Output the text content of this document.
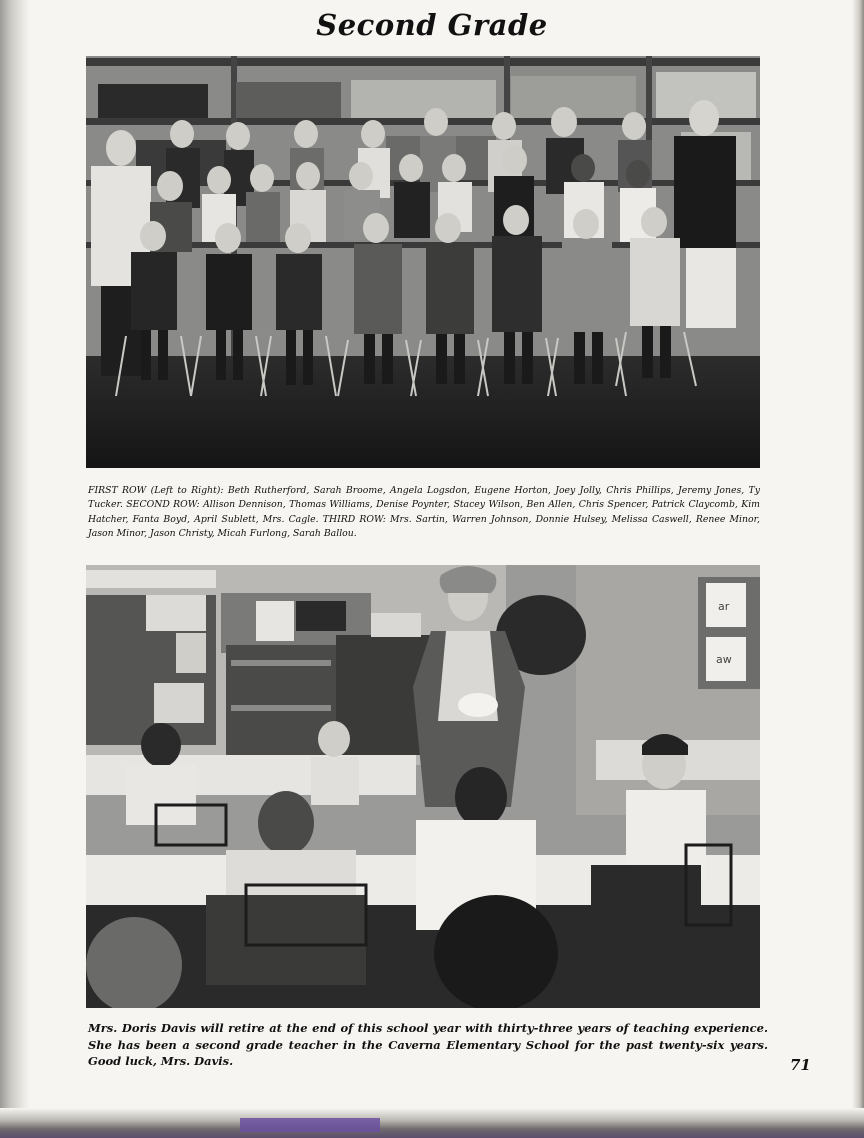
Second Grade

FIRST ROW (Left to Right): Beth Rutherford, Sarah Broome, Angela Logsdon, Eugene Horton, Joey Jolly, Chris Phillips, Jeremy Jones, Ty Tucker. SECOND ROW: Allison Dennison, Thomas Williams, Denise Poynter, Stacey Wilson, Ben Allen, Chris Spencer, Patrick Claycomb, Kim Hatcher, Fanta Boyd, April Sublett, Mrs. Cagle. THIRD ROW: Mrs. Sartin, Warren Johnson, Donnie Hulsey, Melissa Caswell, Renee Minor, Jason Minor, Jason Christy, Micah Furlong, Sarah Ballou.

ar
aw

Mrs. Doris Davis will retire at the end of this school year with thirty-three years of teaching experience. She has been a second grade teacher in the Caverna Elementary School for the past twenty-six years. Good luck, Mrs. Davis.	71
